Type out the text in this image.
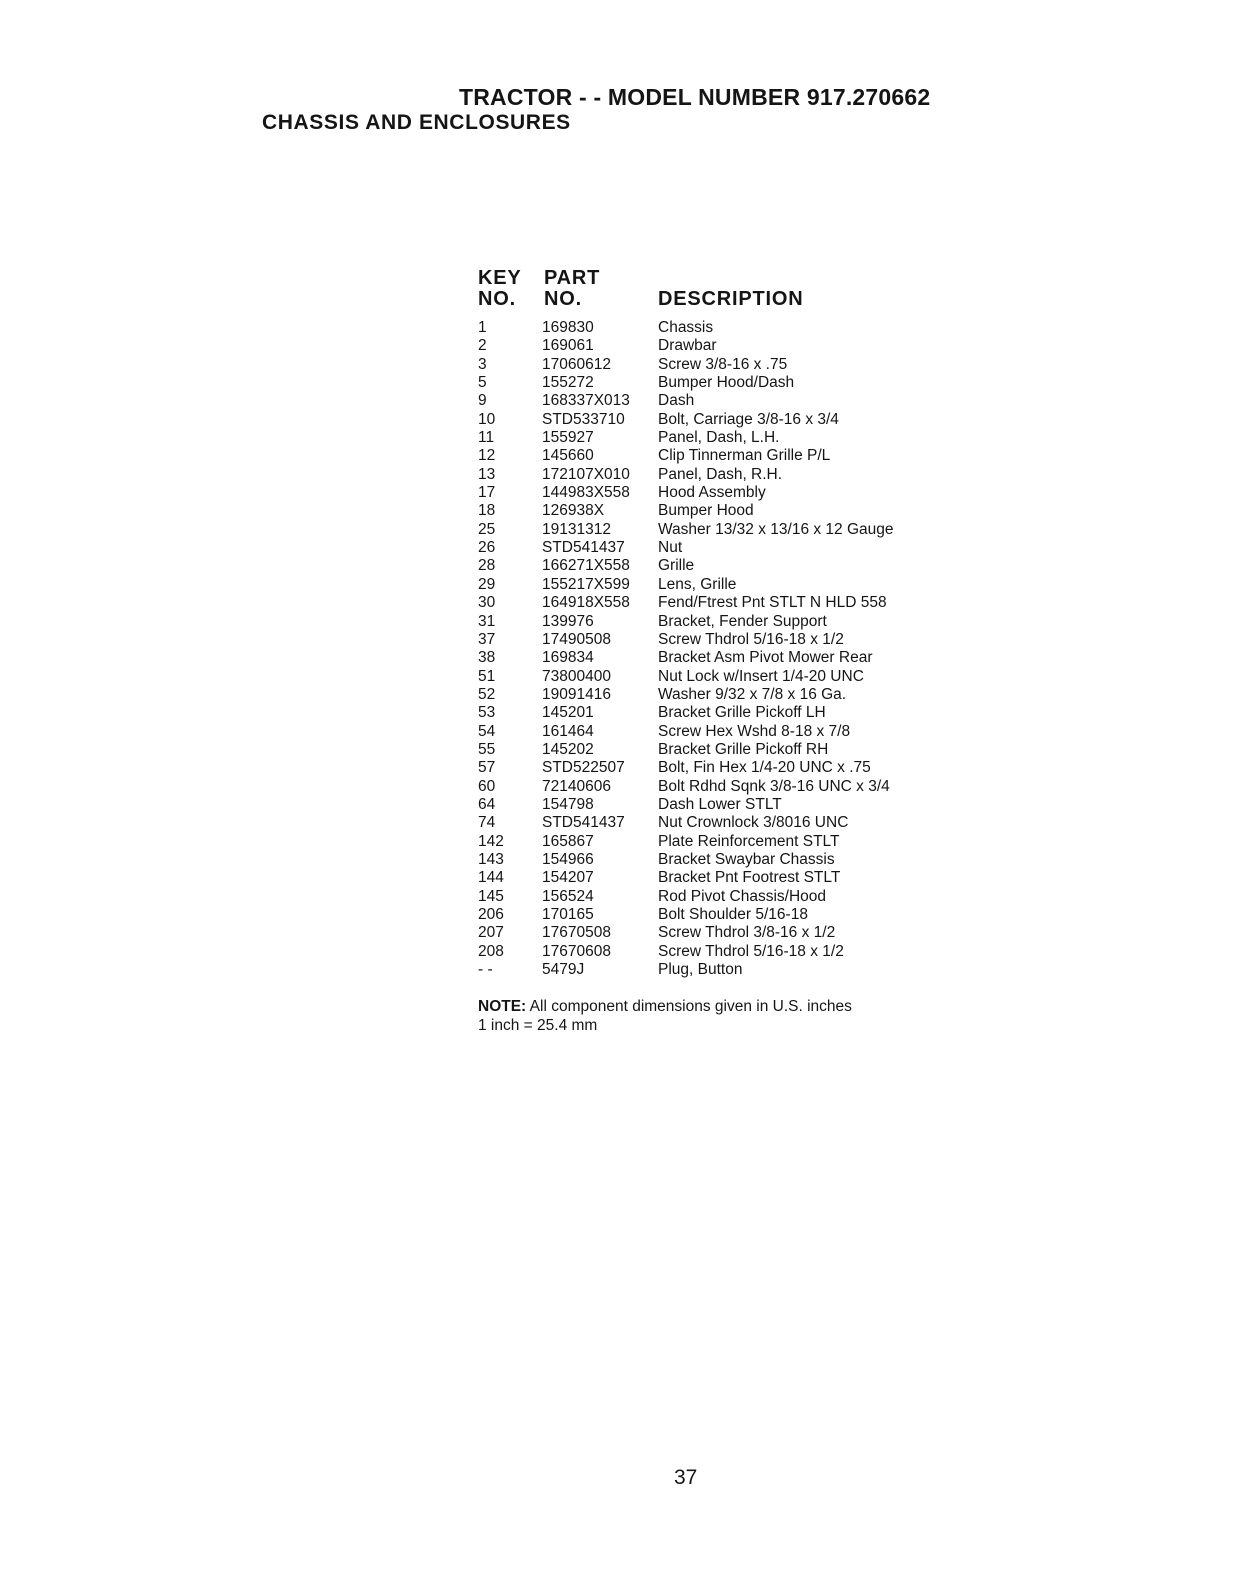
TRACTOR - - MODEL NUMBER 917.270662
CHASSIS AND ENCLOSURES
KEY
NO.
PART
NO.	DESCRIPTION
1	169830	Chassis
2	169061	Drawbar
3	17060612	Screw 3/8-16 x .75
5	155272	Bumper Hood/Dash
9	168337X013 Dash
10	STD533710 Bolt, Carriage 3/8-16 x 3/4
11	155927	Panel, Dash, L.H.
12	145660	Clip Tinnerman Grille P/L
13	172107X010 Panel, Dash, R.H.
17	144983X558 Hood Assembly
18	126938X	Bumper Hood
25	19131312	Washer 13/32 x 13/16 x 12 Gauge
26	STD541437 Nut
28	166271X558 Grille
29	155217X599 Lens, Grille
30	164918X558 Fend/Ftrest Pnt STLT N HLD 558
31	139976	Bracket, Fender Support
37	17490508	Screw Thdrol 5/16-18 x 1/2
38	169834	Bracket Asm Pivot Mower Rear
51	73800400	Nut Lock w/Insert 1/4-20 UNC
52	19091416	Washer 9/32 x 7/8 x 16 Ga.
53	145201	Bracket Grille Pickoff LH
54	161464	Screw Hex Wshd 8-18 x 7/8
55	145202	Bracket Grille Pickoff RH
57	STD522507 Bolt, Fin Hex 1/4-20 UNC x .75
60	72140606	Bolt Rdhd Sqnk 3/8-16 UNC x 3/4
64	154798	Dash Lower STLT
74	STD541437 Nut Crownlock 3/8016 UNC
142 165867	Plate Reinforcement STLT
143 154966	Bracket Swaybar Chassis
144 154207	Bracket Pnt Footrest STLT
145 156524	Rod Pivot Chassis/Hood
206 170165	Bolt Shoulder 5/16-18
207 17670508	Screw Thdrol 3/8-16 x 1/2
208 17670608	Screw Thdrol 5/16-18 x 1/2
- -	5479J	Plug, Button
NOTE: All component dimensions given in U.S. inches
1 inch = 25.4 mm
37
